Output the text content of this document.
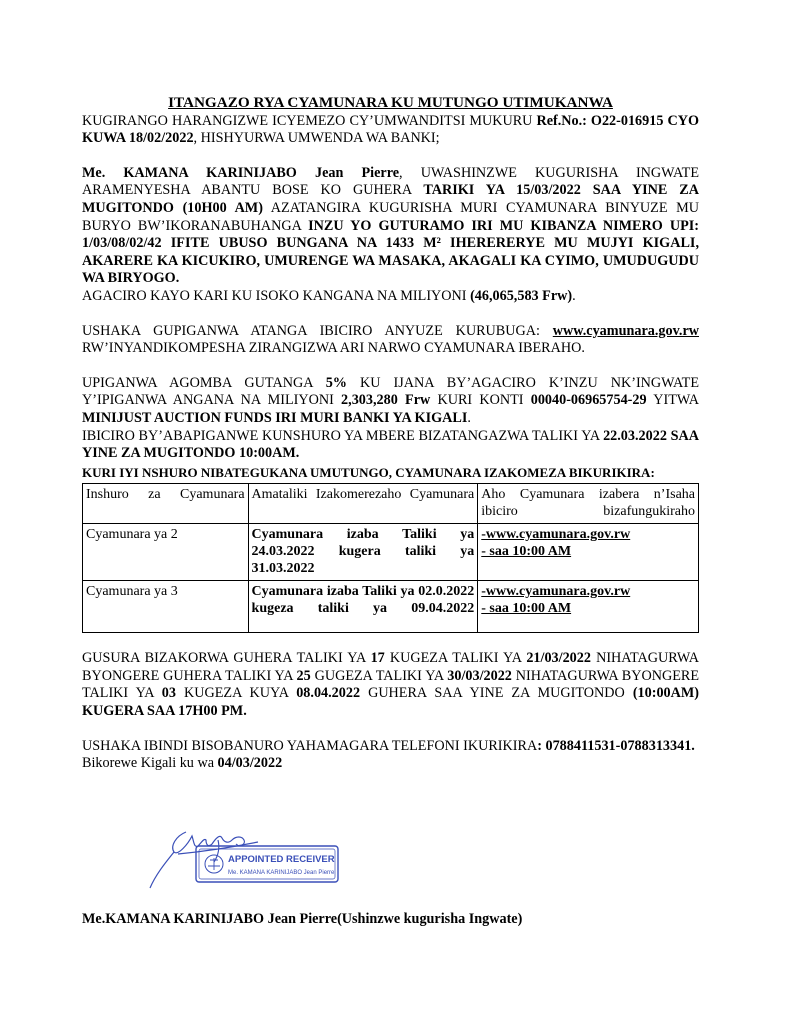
ITANGAZO RYA CYAMUNARA KU MUTUNGO UTIMUKANWA

KUGIRANGO HARANGIZWE ICYEMEZO CY’UMWANDITSI MUKURU Ref.No.: O22-016915 CYO KUWA 18/02/2022, HISHYURWA UMWENDA WA BANKI;

Me. KAMANA KARINIJABO Jean Pierre, UWASHINZWE KUGURISHA INGWATE ARAMENYESHA ABANTU BOSE KO GUHERA TARIKI YA 15/03/2022 SAA YINE ZA MUGITONDO (10H00 AM) AZATANGIRA KUGURISHA MURI CYAMUNARA BINYUZE MU BURYO BW’IKORANABUHANGA INZU YO GUTURAMO IRI MU KIBANZA NIMERO UPI: 1/03/08/02/42 IFITE UBUSO BUNGANA NA 1433 M² IHERERERYE MU MUJYI KIGALI, AKARERE KA KICUKIRO, UMURENGE WA MASAKA, AKAGALI KA CYIMO, UMUDUGUDU WA BIRYOGO.

AGACIRO KAYO KARI KU ISOKO KANGANA NA MILIYONI (46,065,583 Frw).

USHAKA GUPIGANWA ATANGA IBICIRO ANYUZE KURUBUGA: www.cyamunara.gov.rw RW’INYANDIKOMPESHA ZIRANGIZWA ARI NARWO CYAMUNARA IBERAHO.

UPIGANWA AGOMBA GUTANGA 5% KU IJANA BY’AGACIRO K’INZU NK’INGWATE Y’IPIGANWA ANGANA NA MILIYONI 2,303,280 Frw KURI KONTI 00040-06965754-29 YITWA MINIJUST AUCTION FUNDS IRI MURI BANKI YA KIGALI.

IBICIRO BY’ABAPIGANWE KUNSHURO YA MBERE BIZATANGAZWA TALIKI YA 22.03.2022 SAA YINE ZA MUGITONDO 10:00AM.

KURI IYI NSHURO NIBATEGUKANA UMUTUNGO, CYAMUNARA IZAKOMEZA BIKURIKIRA:
Inshuro za Cyamunara	Amataliki Izakomerezaho Cyamunara	Aho Cyamunara izabera n’Isaha ibiciro bizafungukiraho
Cyamunara ya 2	Cyamunara izaba Taliki ya 24.03.2022 kugera taliki ya 31.03.2022	-www.cyamunara.gov.rw
- saa 10:00 AM
Cyamunara ya 3	Cyamunara izaba Taliki ya 02.0.2022 kugeza taliki ya 09.04.2022	-www.cyamunara.gov.rw
- saa 10:00 AM

GUSURA BIZAKORWA GUHERA TALIKI YA 17 KUGEZA TALIKI YA 21/03/2022 NIHATAGURWA BYONGERE GUHERA TALIKI YA 25 GUGEZA TALIKI YA 30/03/2022 NIHATAGURWA BYONGERE TALIKI YA 03 KUGEZA KUYA 08.04.2022 GUHERA SAA YINE ZA MUGITONDO (10:00AM) KUGERA SAA 17H00 PM.

USHAKA IBINDI BISOBANURO YAHAMAGARA TELEFONI IKURIKIRA: 0788411531-0788313341.

Bikorewe Kigali ku wa 04/03/2022

APPOINTED RECEIVER
Me. KAMANA KARINIJABO Jean Pierre
Me.KAMANA KARINIJABO Jean Pierre(Ushinzwe kugurisha Ingwate)
